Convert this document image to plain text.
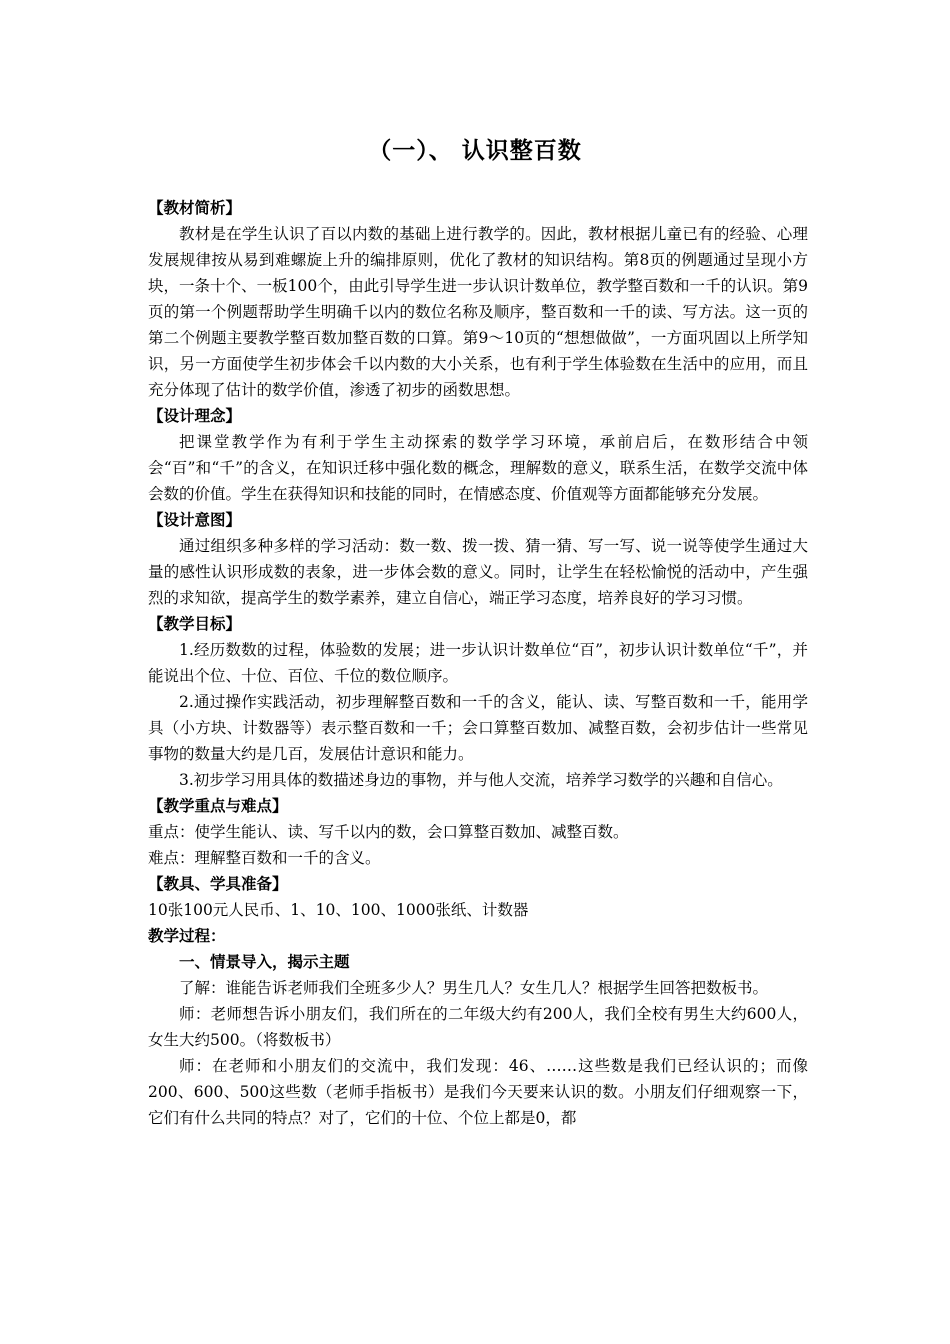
（一）、 认识整百数

【教材简析】

教材是在学生认识了百以内数的基础上进行教学的。因此，教材根据儿童已有的经验、心理发展规律按从易到难螺旋上升的编排原则，优化了教材的知识结构。第8页的例题通过呈现小方块，一条十个、一板100个，由此引导学生进一步认识计数单位，教学整百数和一千的认识。第9页的第一个例题帮助学生明确千以内的数位名称及顺序，整百数和一千的读、写方法。这一页的第二个例题主要教学整百数加整百数的口算。第9～10页的“想想做做”，一方面巩固以上所学知识，另一方面使学生初步体会千以内数的大小关系，也有利于学生体验数在生活中的应用，而且充分体现了估计的数学价值，渗透了初步的函数思想。

【设计理念】

把课堂教学作为有利于学生主动探索的数学学习环境，承前启后，在数形结合中领会“百”和“千”的含义，在知识迁移中强化数的概念，理解数的意义，联系生活，在数学交流中体会数的价值。学生在获得知识和技能的同时，在情感态度、价值观等方面都能够充分发展。

【设计意图】

通过组织多种多样的学习活动：数一数、拨一拨、猜一猜、写一写、说一说等使学生通过大量的感性认识形成数的表象，进一步体会数的意义。同时，让学生在轻松愉悦的活动中，产生强烈的求知欲，提高学生的数学素养，建立自信心，端正学习态度，培养良好的学习习惯。

【教学目标】

1.经历数数的过程，体验数的发展；进一步认识计数单位“百”，初步认识计数单位“千”，并能说出个位、十位、百位、千位的数位顺序。

2.通过操作实践活动，初步理解整百数和一千的含义，能认、读、写整百数和一千，能用学具（小方块、计数器等）表示整百数和一千；会口算整百数加、减整百数，会初步估计一些常见事物的数量大约是几百，发展估计意识和能力。

3.初步学习用具体的数描述身边的事物，并与他人交流，培养学习数学的兴趣和自信心。

【教学重点与难点】

重点：使学生能认、读、写千以内的数，会口算整百数加、减整百数。

难点：理解整百数和一千的含义。

【教具、学具准备】

10张100元人民币、1、10、100、1000张纸、计数器

教学过程：

一、情景导入，揭示主题

了解：谁能告诉老师我们全班多少人？男生几人？女生几人？根据学生回答把数板书。

师：老师想告诉小朋友们，我们所在的二年级大约有200人，我们全校有男生大约600人，女生大约500。（将数板书）

师：在老师和小朋友们的交流中，我们发现：46、……这些数是我们已经认识的；而像200、600、500这些数（老师手指板书）是我们今天要来认识的数。小朋友们仔细观察一下，它们有什么共同的特点？对了，它们的十位、个位上都是0，都
